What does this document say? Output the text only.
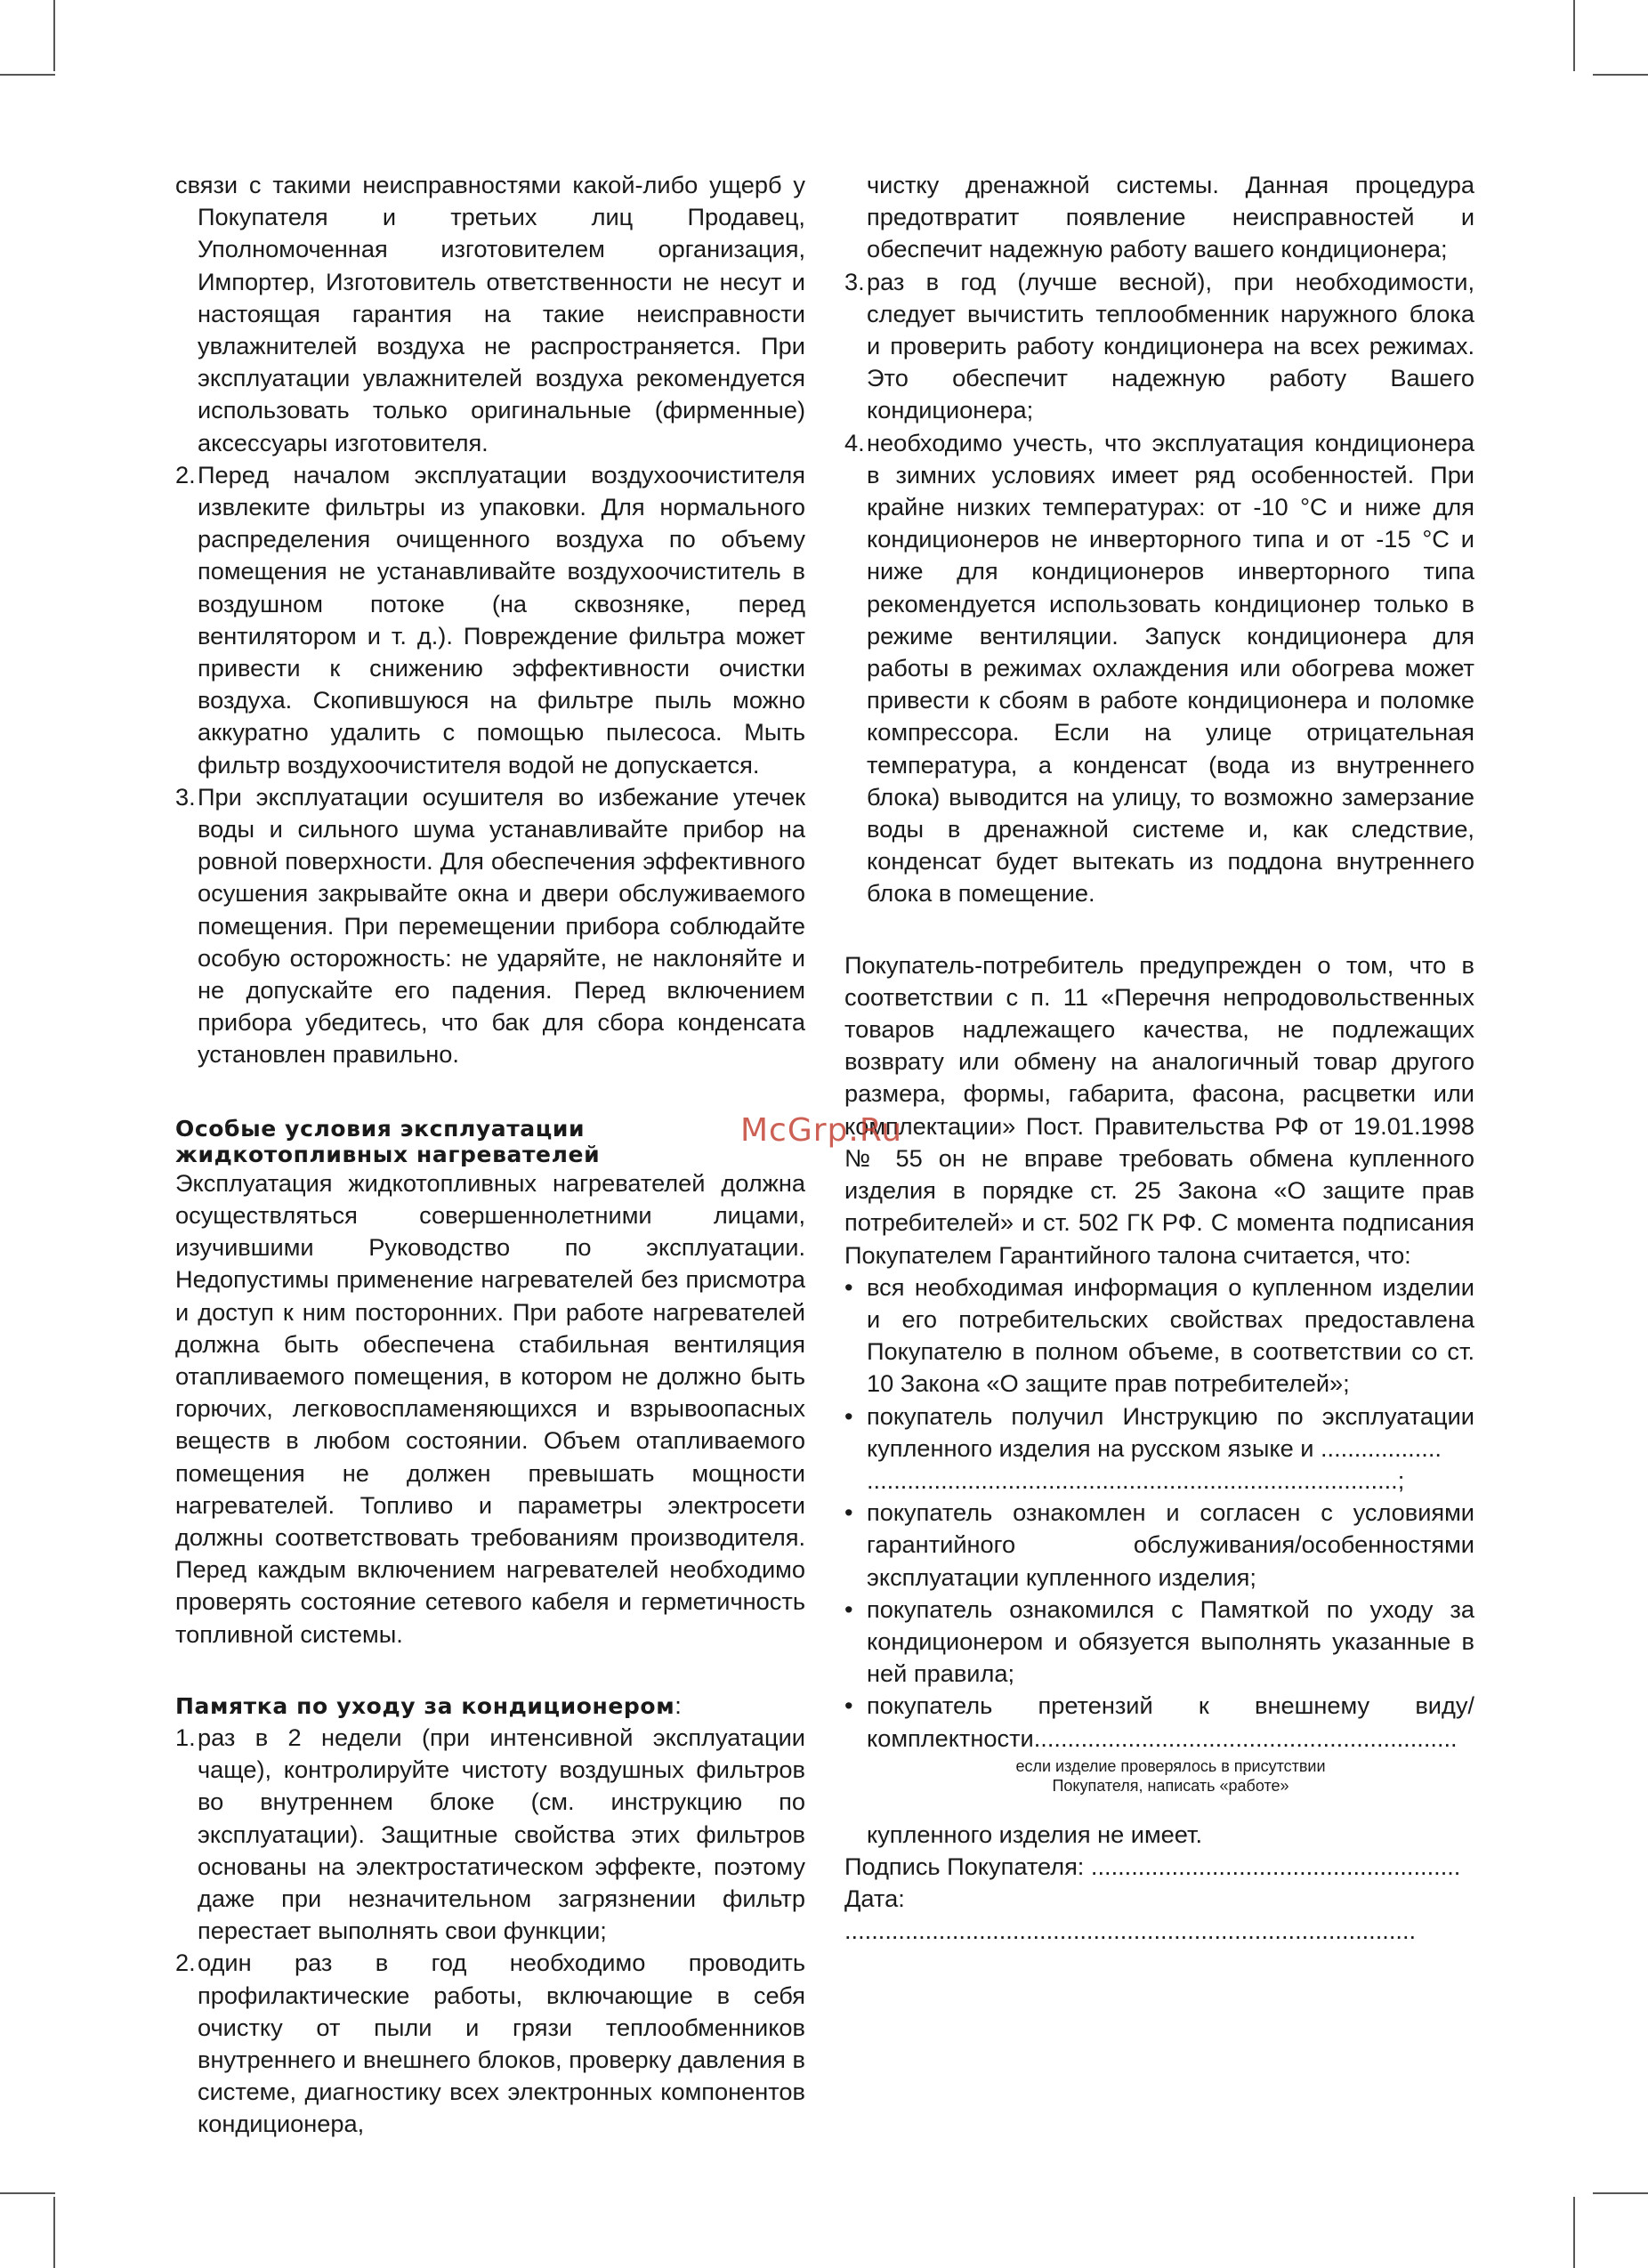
связи с такими неисправностями какой-либо ущерб у Покупателя и третьих лиц Продавец, Уполномоченная изготовителем организация, Импортер, Изготовитель ответственности не несут и настоящая гарантия на такие неисправности увлажнителей воздуха не распространяется. При эксплуатации увлажнителей воздуха рекомендуется использовать только оригинальные (фирменные) аксессуары изготовителя.

2. Перед началом эксплуатации воздухоочистителя извлеките фильтры из упаковки. Для нормального распределения очищенного воздуха по объему помещения не устанавливайте воздухоочиститель в воздушном потоке (на сквозняке, перед вентилятором и т. д.). Повреждение фильтра может привести к снижению эффективности очистки воздуха. Скопившуюся на фильтре пыль можно аккуратно удалить с помощью пылесоса. Мыть фильтр воздухоочистителя водой не допускается.
3. При эксплуатации осушителя во избежание утечек воды и сильного шума устанавливайте прибор на ровной поверхности. Для обеспечения эффективного осушения закрывайте окна и двери обслуживаемого помещения. При перемещении прибора соблюдайте особую осторожность: не ударяйте, не наклоняйте и не допускайте его падения. Перед включением прибора убедитесь, что бак для сбора конденсата установлен правильно.
Особые условия эксплуатации жидкотопливных нагревателей

Эксплуатация жидкотопливных нагревателей должна осуществляться совершеннолетними лицами, изучившими Руководство по эксплуатации. Недопустимы применение нагревателей без присмотра и доступ к ним посторонних. При работе нагревателей должна быть обеспечена стабильная вентиляция отапливаемого помещения, в котором не должно быть горючих, легковоспламеняющихся и взрывоопасных веществ в любом состоянии. Объем отапливаемого помещения не должен превышать мощности нагревателей. Топливо и параметры электросети должны соответствовать требованиям производителя. Перед каждым включением нагревателей необходимо проверять состояние сетевого кабеля и герметичность топливной системы.

Памятка по уходу за кондиционером:

1. раз в 2 недели (при интенсивной эксплуатации чаще), контролируйте чистоту воздушных фильтров во внутреннем блоке (см. инструкцию по эксплуатации). Защитные свойства этих фильтров основаны на электростатическом эффекте, поэтому даже при незначительном загрязнении фильтр перестает выполнять свои функции;
2. один раз в год необходимо проводить профилактические работы, включающие в себя очистку от пыли и грязи теплообменников внутреннего и внешнего блоков, проверку давления в системе, диагностику всех электронных компонентов кондиционера,

чистку дренажной системы. Данная процедура предотвратит появление неисправностей и обеспечит надежную работу вашего кондиционера;

3. раз в год (лучше весной), при необходимости, следует вычистить теплообменник наружного блока и проверить работу кондиционера на всех режимах. Это обеспечит надежную работу Вашего кондиционера;
4. необходимо учесть, что эксплуатация кондиционера в зимних условиях имеет ряд особенностей. При крайне низких температурах: от -10 °С и ниже для кондиционеров не инверторного типа и от -15 °С и ниже для кондиционеров инверторного типа рекомендуется использовать кондиционер только в режиме вентиляции. Запуск кондиционера для работы в режимах охлаждения или обогрева может привести к сбоям в работе кондиционера и поломке компрессора. Если на улице отрицательная температура, а конденсат (вода из внутреннего блока) выводится на улицу, то возможно замерзание воды в дренажной системе и, как следствие, конденсат будет вытекать из поддона внутреннего блока в помещение.

Покупатель-потребитель предупрежден о том, что в соответствии с п. 11 «Перечня непродовольственных товаров надлежащего качества, не подлежащих возврату или обмену на аналогичный товар другого размера, формы, габарита, фасона, расцветки или комплектации» Пост. Правительства РФ от 19.01.1998 № 55 он не вправе требовать обмена купленного изделия в порядке ст. 25 Закона «О защите прав потребителей» и ст. 502 ГК РФ. С момента подписания Покупателем Гарантийного талона считается, что:

• вся необходимая информация о купленном изделии и его потребительских свойствах предоставлена Покупателю в полном объеме, в соответствии со ст. 10 Закона «О защите прав потребителей»;
• покупатель получил Инструкцию по эксплуатации купленного изделия на русском языке и ..................
...............................................................................;
• покупатель ознакомлен и согласен с условиями гарантийного обслуживания/особенностями эксплуатации купленного изделия;
• покупатель ознакомился с Памяткой по уходу за кондиционером и обязуется выполнять указанные в ней правила;
• покупатель претензий к внешнему виду/комплектности...............................................................
если изделие проверялось в присутствии
Покупателя, написать «работе»

купленного изделия не имеет.

Подпись Покупателя: .......................................................

Дата: .....................................................................................

McGrp.Ru
